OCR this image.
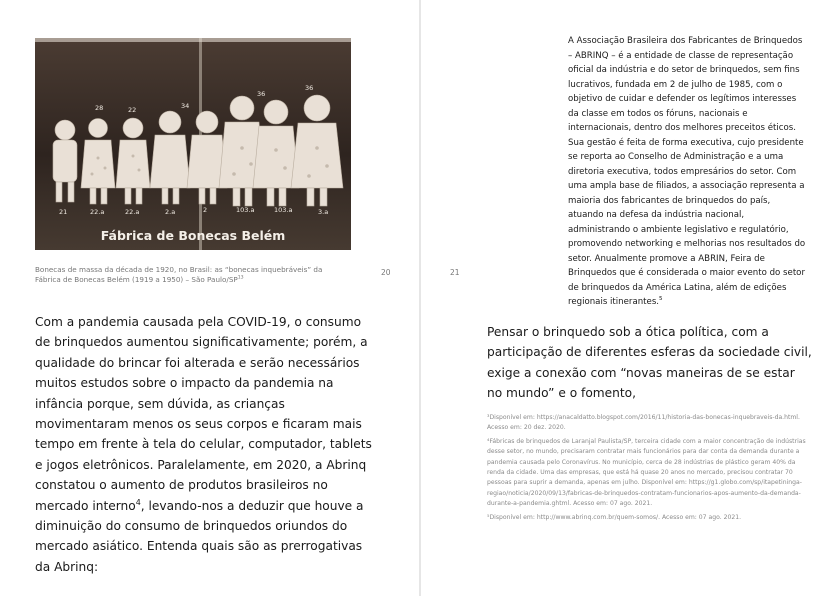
28	22	34
36
36
21	22.a	22.a	2.a	2	103.a	103.a	3.a
Fábrica de Bonecas Belém
Bonecas de massa da década de 1920, no Brasil: as “bonecas inquebráveis” da Fábrica de Bonecas Belém (1919 a 1950) – São Paulo/SP$^{13}$
20
Com a pandemia causada pela COVID-19, o consumo de brinquedos aumentou significativamente; porém, a qualidade do brincar foi alterada e serão necessários muitos estudos sobre o impacto da pandemia na infância porque, sem dúvida, as crianças movimentaram menos os seus corpos e ficaram mais tempo em frente à tela do celular, computador, tablets e jogos eletrônicos. Paralelamente, em 2020, a Abrinq constatou o aumento de produtos brasileiros no mercado interno$^4$, levando-nos a deduzir que houve a diminuição do consumo de brinquedos oriundos do mercado asiático. Entenda quais são as prerrogativas da Abrinq:
21
A Associação Brasileira dos Fabricantes de Brinquedos – ABRINQ – é a entidade de classe de representação oficial da indústria e do setor de brinquedos, sem fins lucrativos, fundada em 2 de julho de 1985, com o objetivo de cuidar e defender os legítimos interesses da classe em todos os fóruns, nacionais e internacionais, dentro dos melhores preceitos éticos. Sua gestão é feita de forma executiva, cujo presidente se reporta ao Conselho de Administração e a uma diretoria executiva, todos empresários do setor. Com uma ampla base de filiados, a associação representa a maioria dos fabricantes de brinquedos do país, atuando na defesa da indústria nacional, administrando o ambiente legislativo e regulatório, promovendo networking e melhorias nos resultados do setor. Anualmente promove a ABRIN, Feira de Brinquedos que é considerada o maior evento do setor de brinquedos da América Latina, além de edições regionais itinerantes.$^5$
Pensar o brinquedo sob a ótica política, com a participação de diferentes esferas da sociedade civil, exige a conexão com “novas maneiras de se estar no mundo” e o fomento,

³Disponível em: https://anacaldatto.blogspot.com/2016/11/historia-das-bonecas-inquebraveis-da.html. Acesso em: 20 dez. 2020.

⁴Fábricas de brinquedos de Laranjal Paulista/SP, terceira cidade com a maior concentração de indústrias desse setor, no mundo, precisaram contratar mais funcionários para dar conta da demanda durante a pandemia causada pelo Coronavírus. No município, cerca de 28 indústrias de plástico geram 40% da renda da cidade. Uma das empresas, que está há quase 20 anos no mercado, precisou contratar 70 pessoas para suprir a demanda, apenas em julho. Disponível em: https://g1.globo.com/sp/itapetininga-regiao/noticia/2020/09/13/fabricas-de-brinquedos-contratam-funcionarios-apos-aumento-da-demanda-durante-a-pandemia.ghtml. Acesso em: 07 ago. 2021.

⁵Disponível em: http://www.abrinq.com.br/quem-somos/. Acesso em: 07 ago. 2021.
